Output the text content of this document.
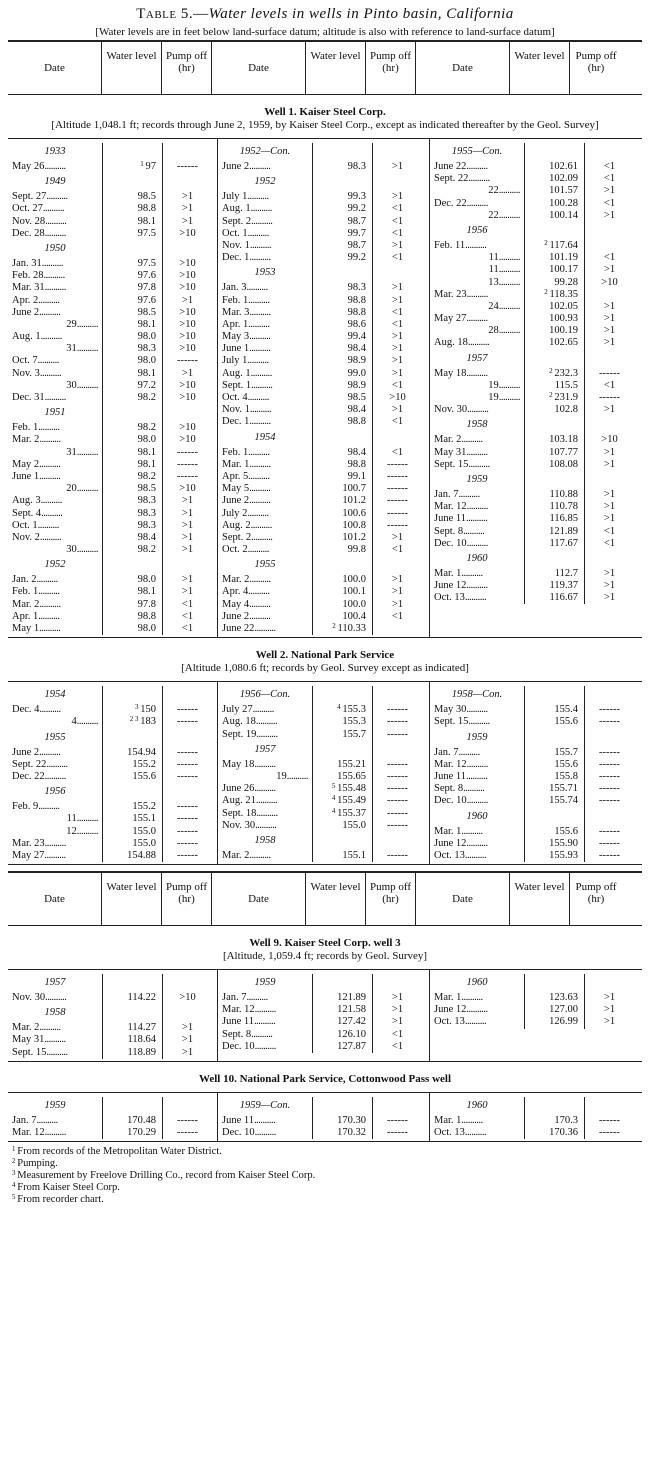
Table 5.—Water levels in wells in Pinto basin, California
[Water levels are in feet below land-surface datum; altitude is also with reference to land-surface datum]
Date
Water level Pump off (hr)	Date
Water level Pump off (hr)	Date
Water level Pump off (hr)
Well 1. Kaiser Steel Corp.
[Altitude 1,048.1 ft; records through June 2, 1959, by Kaiser Steel Corp., except as indicated thereafter by the Geol. Survey]
1933
May 26..........	$^1$ 97	------
1949
Sept. 27..........	98.5	>1
Oct. 27..........	98.8	>1
Nov. 28..........	98.1	>1
Dec. 28..........	97.5	>10
1950
Jan. 31..........	97.5	>10
Feb. 28..........	97.6	>10
Mar. 31..........	97.8	>10
Apr. 2..........	97.6	>1
June 2..........	98.5	>10
29..........	98.1	>10
Aug. 1..........	98.0	>10
31..........	98.3	>10
Oct. 7..........	98.0	------
Nov. 3..........	98.1	>1
30..........	97.2	>10
Dec. 31..........	98.2	>10
1951
Feb. 1..........	98.2	>10
Mar. 2..........	98.0	>10
31..........	98.1	------
May 2..........	98.1	------
June 1..........	98.2	------
20..........	98.5	>10
Aug. 3..........	98.3	>1
Sept. 4..........	98.3	>1
Oct. 1..........	98.3	>1
Nov. 2..........	98.4	>1
30..........	98.2	>1
1952
Jan. 2..........	98.0	>1
Feb. 1..........	98.1	>1
Mar. 2..........	97.8	<1
Apr. 1..........	98.8	<1
May 1..........	98.0	<1
1952—Con.
June 2..........	98.3	>1
1952
July 1..........	99.3	>1
Aug. 1..........	99.2	<1
Sept. 2..........	98.7	<1
Oct. 1..........	99.7	<1
Nov. 1..........	98.7	>1
Dec. 1..........	99.2	<1
1953
Jan. 3..........	98.3	>1
Feb. 1..........	98.8	>1
Mar. 3..........	98.8	<1
Apr. 1..........	98.6	<1
May 3..........	99.4	>1
June 1..........	98.4	>1
July 1..........	98.9	>1
Aug. 1..........	99.0	>1
Sept. 1..........	98.9	<1
Oct. 4..........	98.5	>10
Nov. 1..........	98.4	>1
Dec. 1..........	98.8	<1
1954
Feb. 1..........	98.4	<1
Mar. 1..........	98.8	------
Apr. 5..........	99.1	------
May 5..........	100.7	------
June 2..........	101.2	------
July 2..........	100.6	------
Aug. 2..........	100.8	------
Sept. 2..........	101.2	>1
Oct. 2..........	99.8	<1
1955
Mar. 2..........	100.0	>1
Apr. 4..........	100.1	>1
May 4..........	100.0	>1
June 2..........	100.4	<1
June 22..........	$^2$ 110.33
1955—Con.
June 22..........	102.61	<1
Sept. 22..........	102.09	<1
22..........	101.57	>1
Dec. 22..........	100.28	<1
22..........	100.14	>1
1956
Feb. 11..........	$^2$ 117.64
11..........	101.19	<1
11..........	100.17	>1
13..........	99.28	>10
Mar. 23..........	$^2$ 118.35
24..........	102.05	>1
May 27..........	100.93	>1
28..........	100.19	>1
Aug. 18..........	102.65	>1
1957
May 18..........	$^2$ 232.3	------
19..........	115.5	<1
19..........	$^2$ 231.9	------
Nov. 30..........	102.8	>1
1958
Mar. 2..........	103.18	>10
May 31..........	107.77	>1
Sept. 15..........	108.08	>1
1959
Jan. 7..........	110.88	>1
Mar. 12..........	110.78	>1
June 11..........	116.85	>1
Sept. 8..........	121.89	<1
Dec. 10..........	117.67	<1
1960
Mar. 1..........	112.7	>1
June 12..........	119.37	>1
Oct. 13..........	116.67	>1
Well 2. National Park Service
[Altitude 1,080.6 ft; records by Geol. Survey except as indicated]
1954
Dec. 4..........	$^3$ 150	------
4..........	$^{2 3}$ 183	------
1955
June 2..........	154.94	------
Sept. 22..........	155.2	------
Dec. 22..........	155.6	------
1956
Feb. 9..........	155.2	------
11..........	155.1	------
12..........	155.0	------
Mar. 23..........	155.0	------
May 27..........	154.88	------
1956—Con.
July 27..........	$^4$ 155.3	------
Aug. 18..........	155.3	------
Sept. 19..........	155.7	------
1957
May 18..........	155.21	------
19..........	155.65	------
June 26..........	$^5$ 155.48	------
Aug. 21..........	$^4$ 155.49	------
Sept. 18..........	$^4$ 155.37	------
Nov. 30..........	155.0	------
1958
Mar. 2..........	155.1	------
1958—Con.
May 30..........	155.4	------
Sept. 15..........	155.6	------
1959
Jan. 7..........	155.7	------
Mar. 12..........	155.6	------
June 11..........	155.8	------
Sept. 8..........	155.71	------
Dec. 10..........	155.74	------
1960
Mar. 1..........	155.6	------
June 12..........	155.90	------
Oct. 13..........	155.93	------
Date
Water level Pump off (hr)	Date
Water level Pump off (hr)	Date
Water level Pump off (hr)
Well 9. Kaiser Steel Corp. well 3
[Altitude, 1,059.4 ft; records by Geol. Survey]
1957
Nov. 30..........	114.22	>10
1958
Mar. 2..........	114.27	>1
May 31..........	118.64	>1
Sept. 15..........	118.89	>1
1959
Jan. 7..........	121.89	>1
Mar. 12..........	121.58	>1
June 11..........	127.42	>1
Sept. 8..........	126.10	<1
Dec. 10..........	127.87	<1
1960
Mar. 1..........	123.63	>1
June 12..........	127.00	>1
Oct. 13..........	126.99	>1
Well 10. National Park Service, Cottonwood Pass well
1959
Jan. 7..........	170.48	------
Mar. 12..........	170.29	------
1959—Con.
June 11..........	170.30	------
Dec. 10..........	170.32	------
1960
Mar. 1..........	170.3	------
Oct. 13..........	170.36	------
$^1$ From records of the Metropolitan Water District.
$^2$ Pumping.
$^3$ Measurement by Freelove Drilling Co., record from Kaiser Steel Corp.
$^4$ From Kaiser Steel Corp.
$^5$ From recorder chart.
